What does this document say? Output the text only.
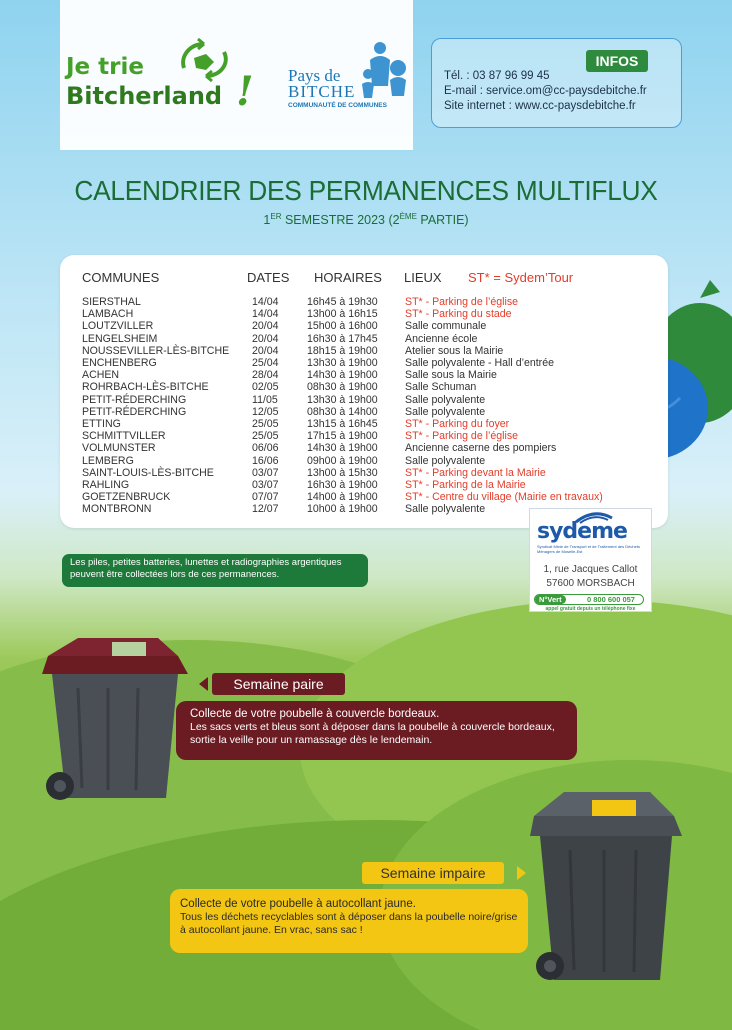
Je trie
Bitcherland ! Pays de
BITCHE
COMMUNAUTÉ DE COMMUNES
INFOS
Tél. : 03 87 96 99 45
E-mail : service.om@cc-paysdebitche.fr
Site internet : www.cc-paysdebitche.fr
CALENDRIER DES PERMANENCES MULTIFLUX
1ER SEMESTRE 2023 (2ÈME PARTIE)
COMMUNES	DATES HORAIRES LIEUX ST* = Sydem’Tour
SIERSTHAL	14/04	16h45 à 19h30	ST* - Parking de l’église
LAMBACH	14/04	13h00 à 16h15	ST* - Parking du stade
LOUTZVILLER	20/04	15h00 à 16h00	Salle communale
LENGELSHEIM	20/04	16h30 à 17h45	Ancienne école
NOUSSEVILLER-LÈS-BITCHE 20/04	18h15 à 19h00	Atelier sous la Mairie
ENCHENBERG	25/04	13h30 à 19h00	Salle polyvalente - Hall d’entrée
ACHEN	28/04	14h30 à 19h00	Salle sous la Mairie
ROHRBACH-LÈS-BITCHE	02/05	08h30 à 19h00	Salle Schuman
PETIT-RÉDERCHING	11/05	13h30 à 19h00	Salle polyvalente
PETIT-RÉDERCHING	12/05	08h30 à 14h00	Salle polyvalente
ETTING	25/05	13h15 à 16h45	ST* - Parking du foyer
SCHMITTVILLER	25/05	17h15 à 19h00	ST* - Parking de l’église
VOLMUNSTER	06/06	14h30 à 19h00	Ancienne caserne des pompiers
LEMBERG	16/06	09h00 à 19h00	Salle polyvalente
SAINT-LOUIS-LÈS-BITCHE	03/07	13h00 à 15h30	ST* - Parking devant la Mairie
RAHLING	03/07	16h30 à 19h00	ST* - Parking de la Mairie
GOETZENBRUCK	07/07	14h00 à 19h00	ST* - Centre du village (Mairie en travaux)
MONTBRONN	12/07	10h00 à 19h00	Salle polyvalente
sydeme
Syndicat Mixte de Transport et de Traitement des Déchets Ménagers de Moselle-Est
1, rue Jacques Callot
57600 MORSBACH
N°Vert	0 800 600 057
appel gratuit depuis un téléphone fixe
Les piles, petites batteries, lunettes et radiographies argentiques
peuvent être collectées lors de ces permanences.
Semaine paire
Collecte de votre poubelle à couvercle bordeaux.
Les sacs verts et bleus sont à déposer dans la poubelle à couvercle bordeaux,
sortie la veille pour un ramassage dès le lendemain.
Semaine impaire
Collecte de votre poubelle à autocollant jaune.
Tous les déchets recyclables sont à déposer dans la poubelle noire/grise
à autocollant jaune. En vrac, sans sac !
